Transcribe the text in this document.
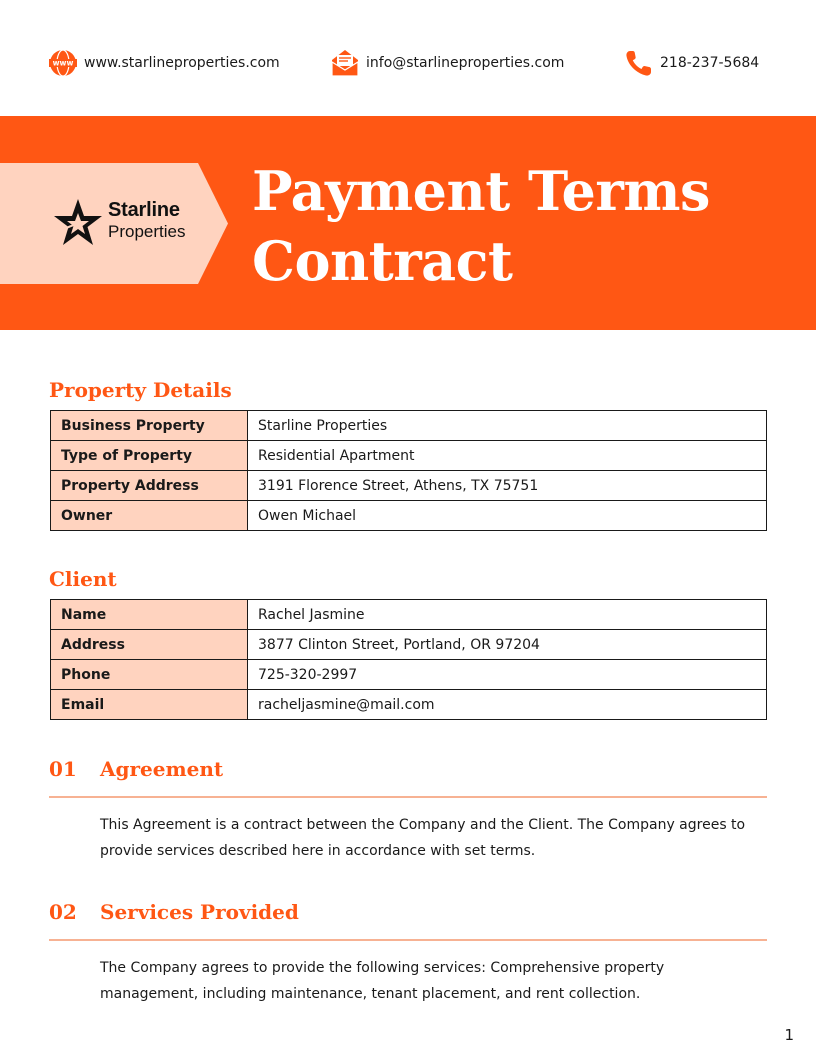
www www.starlineproperties.com	info@starlineproperties.com	218-237-5684
Starline
Properties
Payment Terms
Contract
Property Details
Business Property	Starline Properties
Type of Property	Residential Apartment
Property Address	3191 Florence Street, Athens, TX 75751
Owner	Owen Michael
Client
Name	Rachel Jasmine
Address	3877 Clinton Street, Portland, OR 97204
Phone	725-320-2997
Email	racheljasmine@mail.com
01 Agreement
This Agreement is a contract between the Company and the Client. The Company agrees to provide services described here in accordance with set terms.
02 Services Provided
The Company agrees to provide the following services: Comprehensive property management, including maintenance, tenant placement, and rent collection.
1
